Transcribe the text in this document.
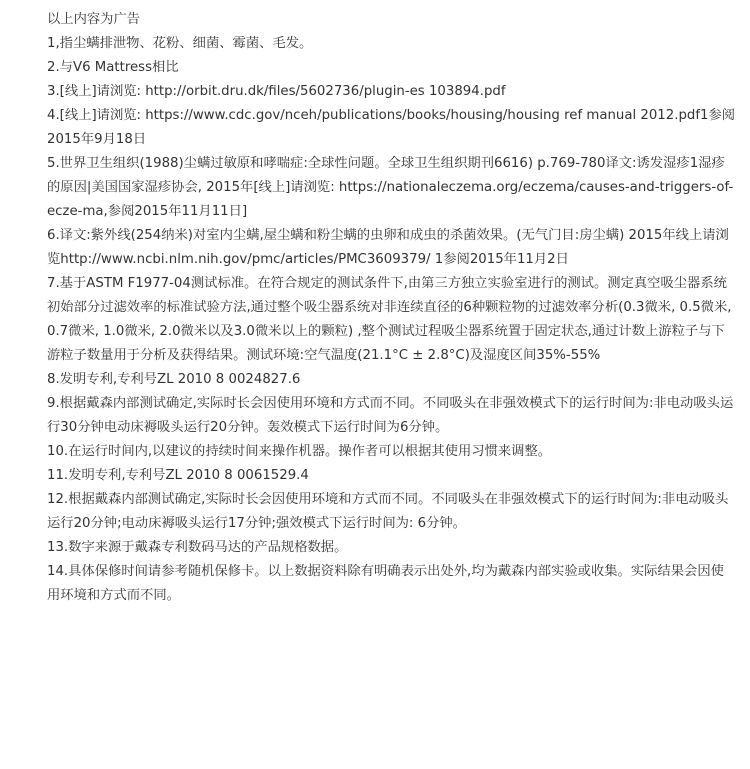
以上内容为广告

1,指尘螨排泄物、花粉、细菌、霉菌、毛发。

2.与V6 Mattress相比

3.[线上]请浏览: http://orbit.dru.dk/files/5602736/plugin-es 103894.pdf

4.[线上]请浏览: https://www.cdc.gov/nceh/publications/books/housing/housing ref manual 2012.pdf1参阅2015年9月18日

5.世界卫生组织(1988)尘螨过敏原和哮喘症:全球性问题。全球卫生组织期刊6616) p.769-780译文:诱发湿疹1湿疹的原因|美国国家湿疹协会, 2015年[线上]请浏览: https://nationaleczema.org/eczema/causes-and-triggers-of-ecze-ma,参阅2015年11月11日]

6.译文:紫外线(254纳米)对室内尘螨,屋尘螨和粉尘螨的虫卵和成虫的杀菌效果。(无气门目:房尘螨) 2015年线上请浏览http://www.ncbi.nlm.nih.gov/pmc/articles/PMC3609379/ 1参阅2015年11月2日

7.基于ASTM F1977-04测试标准。在符合规定的测试条件下,由第三方独立实验室进行的测试。测定真空吸尘器系统初始部分过滤效率的标准试验方法,通过整个吸尘器系统对非连续直径的6种颗粒物的过滤效率分析(0.3微米, 0.5微米, 0.7微米, 1.0微米, 2.0微米以及3.0微米以上的颗粒) ,整个测试过程吸尘器系统置于固定状态,通过计数上游粒子与下游粒子数量用于分析及获得结果。测试环境:空气温度(21.1°C ± 2.8°C)及湿度区间35%-55%

8.发明专利,专利号ZL 2010 8 0024827.6

9.根据戴森内部测试确定,实际时长会因使用环境和方式而不同。不同吸头在非强效模式下的运行时间为:非电动吸头运行30分钟电动床褥吸头运行20分钟。轰效模式下运行时间为6分钟。

10.在运行时间内,以建议的持续时间来操作机器。操作者可以根据其使用习惯来调整。

11.发明专利,专利号ZL 2010 8 0061529.4

12.根据戴森内部测试确定,实际时长会因使用环境和方式而不同。不同吸头在非强效模式下的运行时间为:非电动吸头运行20分钟;电动床褥吸头运行17分钟;强效模式下运行时间为: 6分钟。

13.数字来源于戴森专利数码马达的产品规格数据。

14.具体保修时间请参考随机保修卡。以上数据资料除有明确表示出处外,均为戴森内部实验或收集。实际结果会因使用环境和方式而不同。
